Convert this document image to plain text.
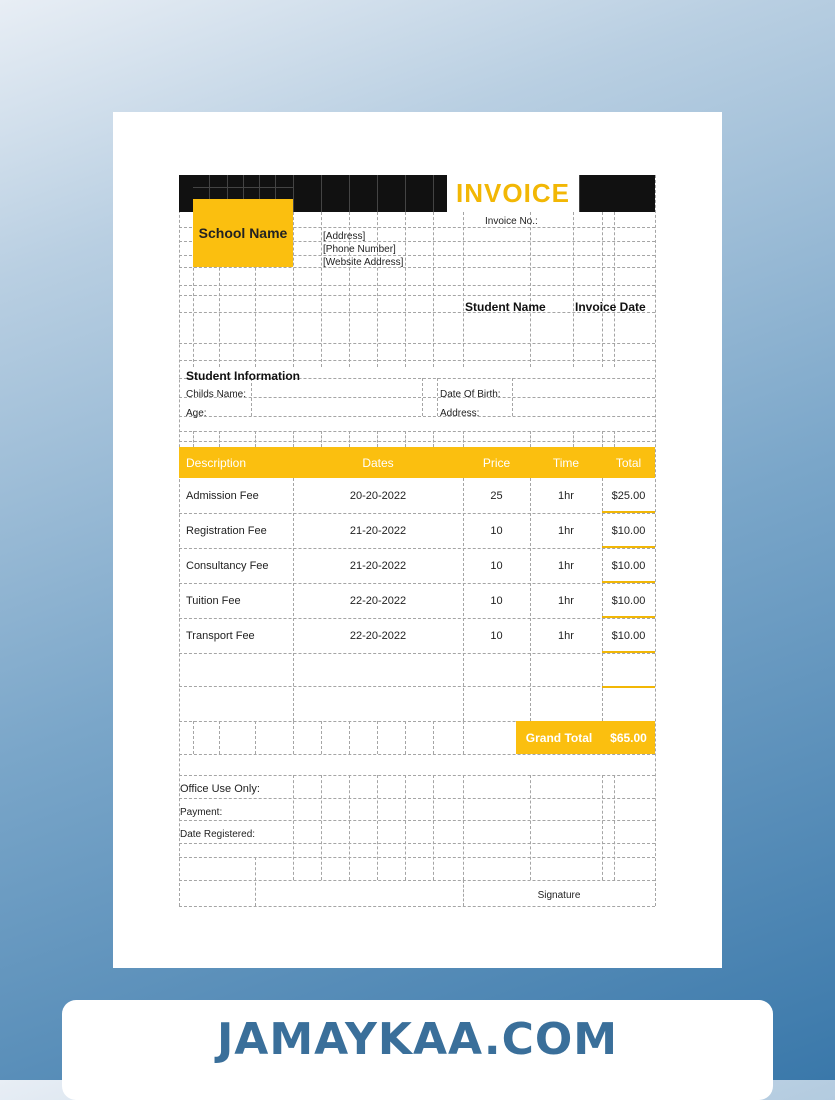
INVOICE
Invoice No.:
School Name	[Address]
[Phone Number]
[Website Address]
Student Name Invoice Date
Student Information
Childs Name:	Date Of Birth:
Age:	Address:
Description	Dates	Price	Time	Total
Admission Fee	20-20-2022	25	1hr	$25.00
Registration Fee	21-20-2022	10	1hr	$10.00
Consultancy Fee	21-20-2022	10	1hr	$10.00
Tuition Fee	22-20-2022	10	1hr	$10.00
Transport Fee	22-20-2022	10	1hr	$10.00
Grand Total	$65.00
Office Use Only:
Payment:
Date Registered:
Signature
JAMAYKAA.COM
